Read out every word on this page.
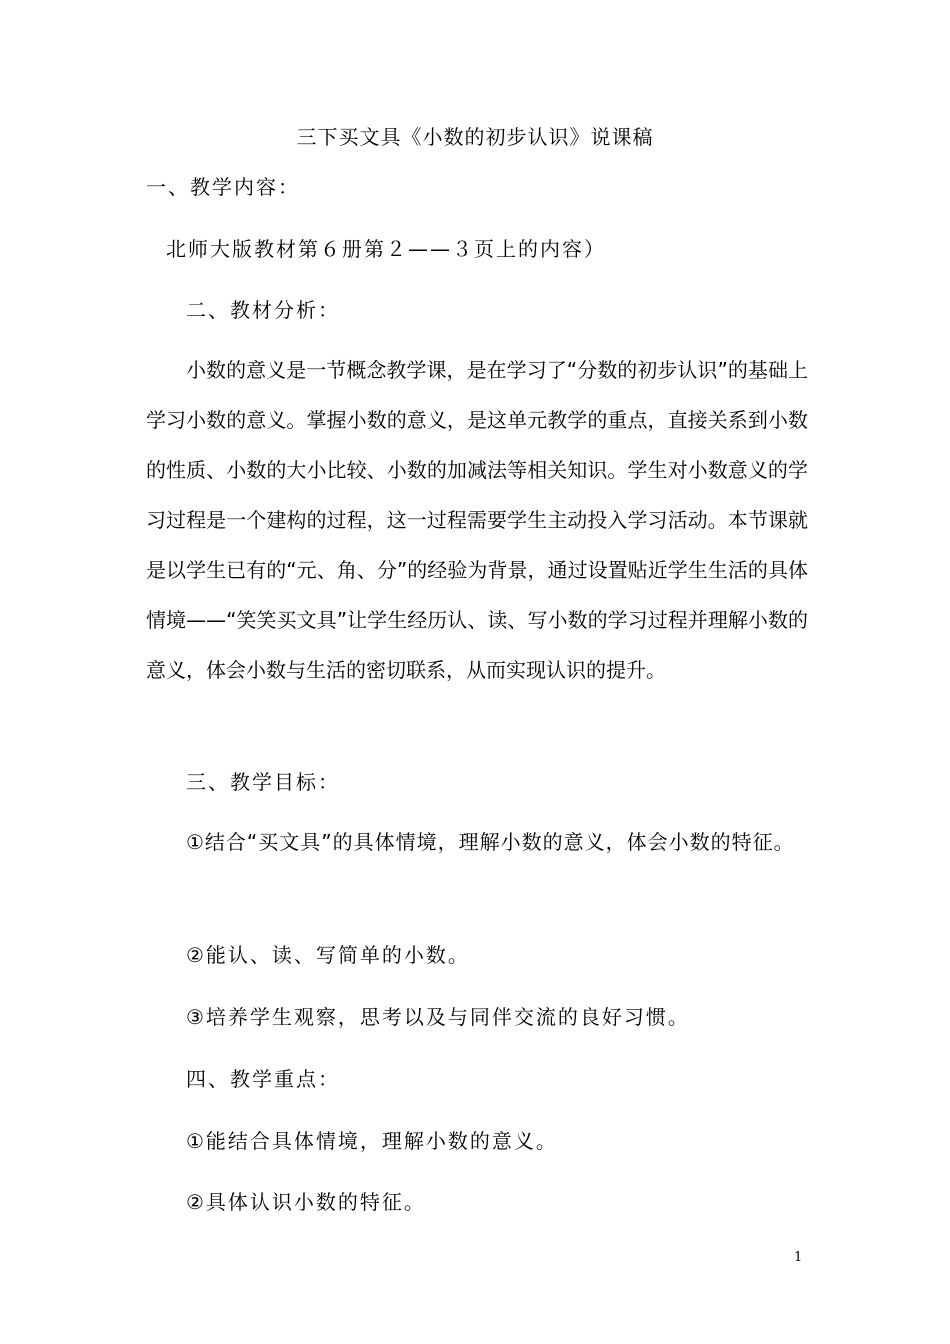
三下买文具《小数的初步认识》说课稿
一、教学内容：
北师大版教材第６册第２——３页上的内容）
二、教材分析：
小数的意义是一节概念教学课，是在学习了“分数的初步认识”的基础上学习小数的意义。掌握小数的意义，是这单元教学的重点，直接关系到小数的性质、小数的大小比较、小数的加减法等相关知识。学生对小数意义的学习过程是一个建构的过程，这一过程需要学生主动投入学习活动。本节课就是以学生已有的“元、角、分”的经验为背景，通过设置贴近学生生活的具体情境——“笑笑买文具”让学生经历认、读、写小数的学习过程并理解小数的意义，体会小数与生活的密切联系，从而实现认识的提升。
三、教学目标：
①结合“买文具”的具体情境，理解小数的意义，体会小数的特征。
②能认、读、写简单的小数。
③培养学生观察，思考以及与同伴交流的良好习惯。
四、教学重点：
①能结合具体情境，理解小数的意义。
②具体认识小数的特征。
1
